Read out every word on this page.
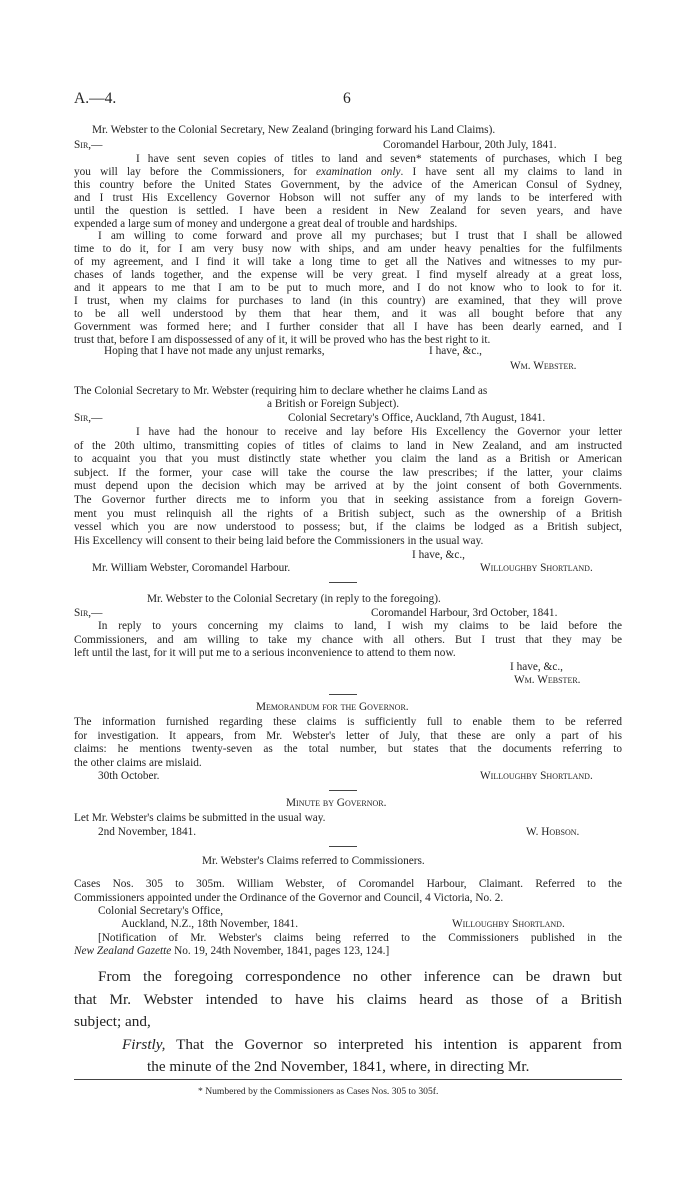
A.—4.	6
Mr. Webster to the Colonial Secretary, New Zealand (bringing forward his Land Claims).
Sir,—	Coromandel Harbour, 20th July, 1841.
I have sent seven copies of titles to land and seven* statements of purchases, which I beg
you will lay before the Commissioners, for examination only. I have sent all my claims to land in
this country before the United States Government, by the advice of the American Consul of Sydney,
and I trust His Excellency Governor Hobson will not suffer any of my lands to be interfered with
until the question is settled. I have been a resident in New Zealand for seven years, and have
expended a large sum of money and undergone a great deal of trouble and hardships.
I am willing to come forward and prove all my purchases; but I trust that I shall be allowed
time to do it, for I am very busy now with ships, and am under heavy penalties for the fulfilments
of my agreement, and I find it will take a long time to get all the Natives and witnesses to my pur-
chases of lands together, and the expense will be very great. I find myself already at a great loss,
and it appears to me that I am to be put to much more, and I do not know who to look to for it.
I trust, when my claims for purchases to land (in this country) are examined, that they will prove
to be all well understood by them that hear them, and it was all bought before that any
Government was formed here; and I further consider that all I have has been dearly earned, and I
trust that, before I am dispossessed of any of it, it will be proved who has the best right to it.
Hoping that I have not made any unjust remarks,	I have, &c.,
Wm. Webster.
The Colonial Secretary to Mr. Webster (requiring him to declare whether he claims Land as
a British or Foreign Subject).
Sir,—	Colonial Secretary's Office, Auckland, 7th August, 1841.
I have had the honour to receive and lay before His Excellency the Governor your letter
of the 20th ultimo, transmitting copies of titles of claims to land in New Zealand, and am instructed
to acquaint you that you must distinctly state whether you claim the land as a British or American
subject. If the former, your case will take the course the law prescribes; if the latter, your claims
must depend upon the decision which may be arrived at by the joint consent of both Governments.
The Governor further directs me to inform you that in seeking assistance from a foreign Govern-
ment you must relinquish all the rights of a British subject, such as the ownership of a British
vessel which you are now understood to possess; but, if the claims be lodged as a British subject,
His Excellency will consent to their being laid before the Commissioners in the usual way.
I have, &c.,
Mr. William Webster, Coromandel Harbour.	Willoughby Shortland.
Mr. Webster to the Colonial Secretary (in reply to the foregoing).
Sir,—	Coromandel Harbour, 3rd October, 1841.
In reply to yours concerning my claims to land, I wish my claims to be laid before the
Commissioners, and am willing to take my chance with all others. But I trust that they may be
left until the last, for it will put me to a serious inconvenience to attend to them now.
I have, &c.,
Wm. Webster.
Memorandum for the Governor.
The information furnished regarding these claims is sufficiently full to enable them to be referred
for investigation. It appears, from Mr. Webster's letter of July, that these are only a part of his
claims: he mentions twenty-seven as the total number, but states that the documents referring to
the other claims are mislaid.
30th October.	Willoughby Shortland.
Minute by Governor.
Let Mr. Webster's claims be submitted in the usual way.
2nd November, 1841.	W. Hobson.
Mr. Webster's Claims referred to Commissioners.
Cases Nos. 305 to 305m. William Webster, of Coromandel Harbour, Claimant. Referred to the
Commissioners appointed under the Ordinance of the Governor and Council, 4 Victoria, No. 2.
Colonial Secretary's Office,
Auckland, N.Z., 18th November, 1841.	Willoughby Shortland.
[Notification of Mr. Webster's claims being referred to the Commissioners published in the
New Zealand Gazette No. 19, 24th November, 1841, pages 123, 124.]
From the foregoing correspondence no other inference can be drawn but
that Mr. Webster intended to have his claims heard as those of a British
subject; and,
Firstly, That the Governor so interpreted his intention is apparent from
the minute of the 2nd November, 1841, where, in directing Mr.
* Numbered by the Commissioners as Cases Nos. 305 to 305f.
